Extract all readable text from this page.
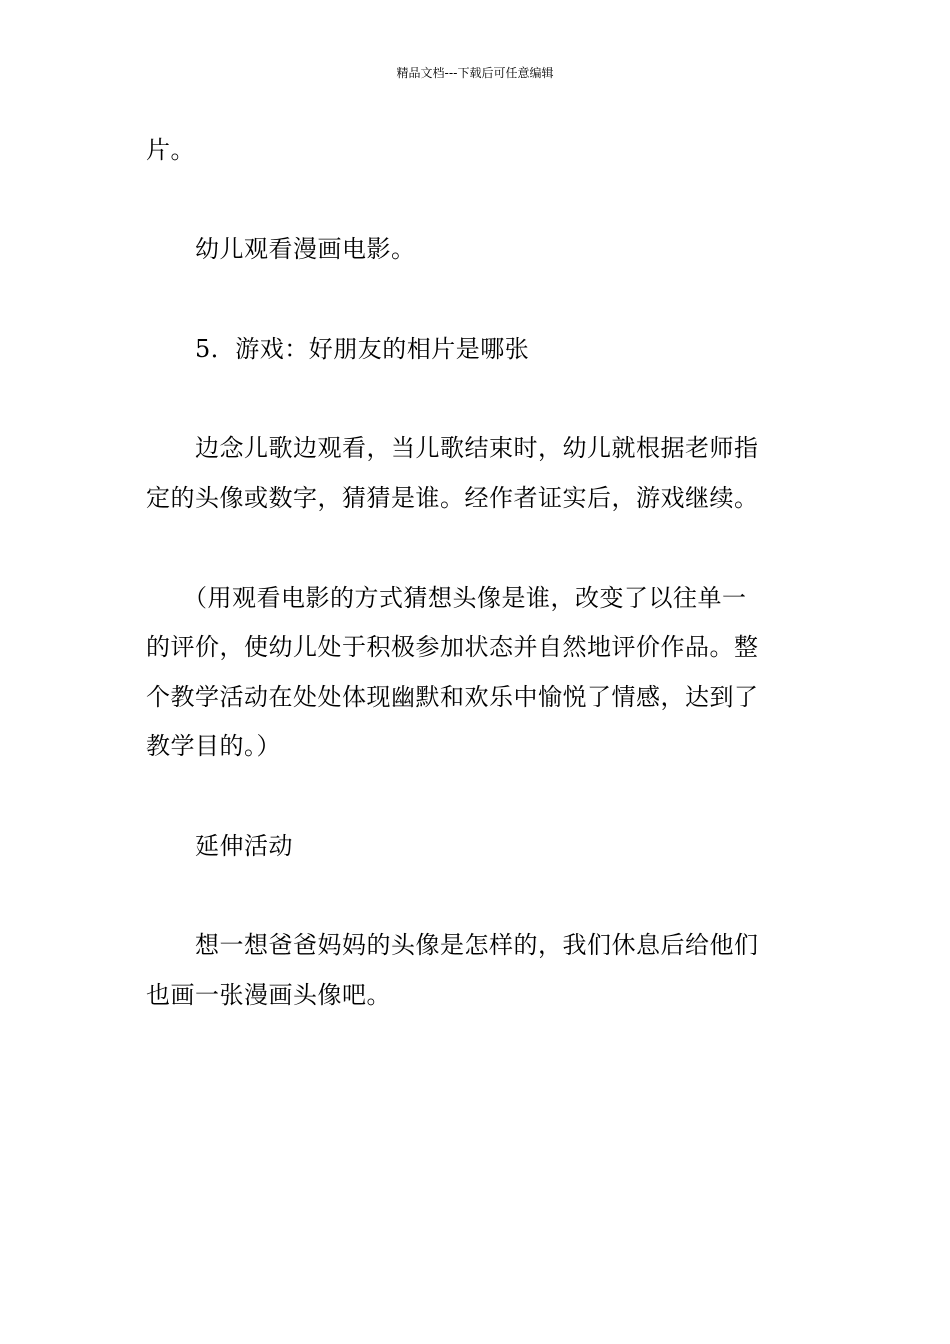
精品文档---下载后可任意编辑
片。
　　幼儿观看漫画电影。
　　5．游戏：好朋友的相片是哪张
　　边念儿歌边观看，当儿歌结束时，幼儿就根据老师指
定的头像或数字，猜猜是谁。经作者证实后，游戏继续。
　　（用观看电影的方式猜想头像是谁，改变了以往单一
的评价，使幼儿处于积极参加状态并自然地评价作品。整
个教学活动在处处体现幽默和欢乐中愉悦了情感，达到了
教学目的。）
　　延伸活动
　　想一想爸爸妈妈的头像是怎样的，我们休息后给他们
也画一张漫画头像吧。
